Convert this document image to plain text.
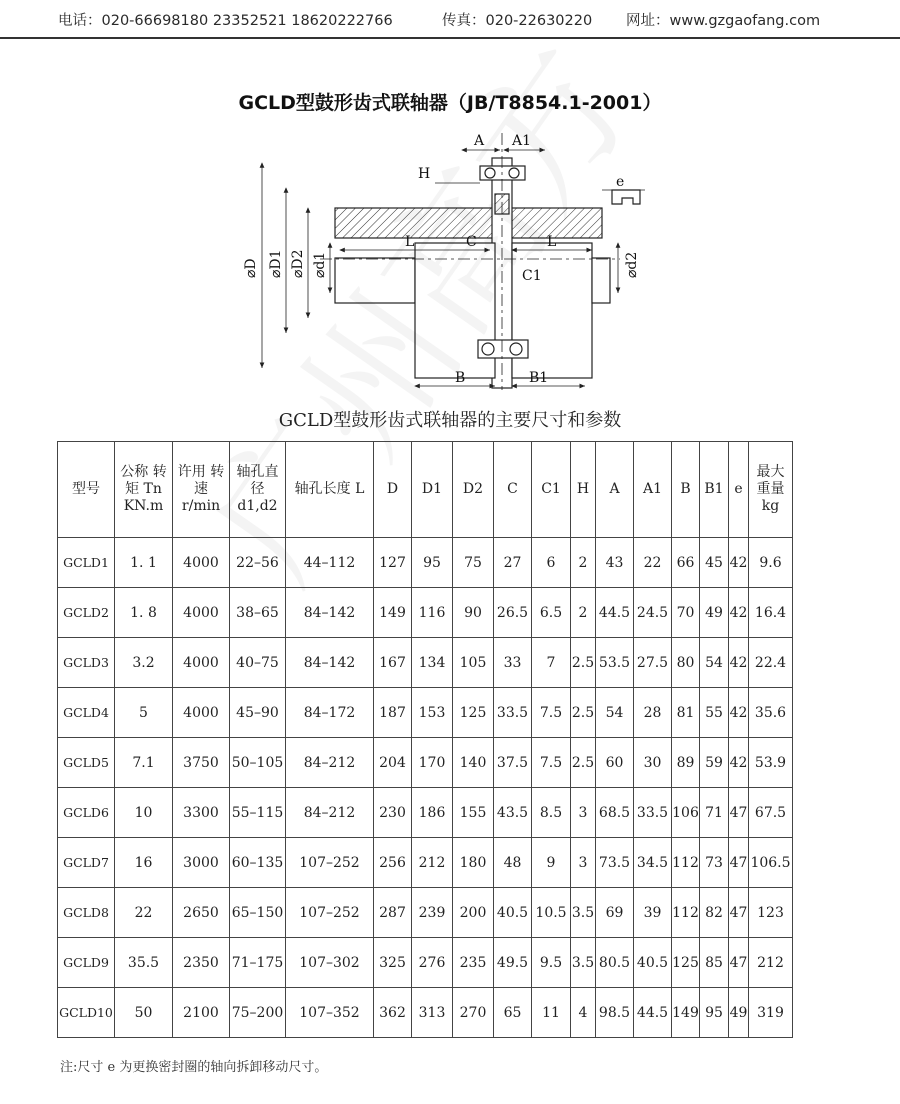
电话：020-66698180 23352521 18620222766	传真：020-22630220 网址：www.gzgaofang.com
GCLD型鼓形齿式联轴器（JB/T8854.1-2001）
A A1
H	e
⌀D ⌀D1 ⌀D2 ⌀d1	⌀d2
L	C	L
C1
B	B1
GCLD型鼓形齿式联轴器的主要尺寸和参数
型号	公称 转矩 Tn KN.m	许用 转速 r/min	轴孔直 径 d1,d2	轴孔长度 L	D	D1	D2	C	C1	H	A	A1	B	B1	e	最大 重量 kg
GCLD1	1. 1	4000	22–56	44–112	127	95	75	27	6	2	43	22	66	45	42	9.6
GCLD2	1. 8	4000	38–65	84–142	149	116	90	26.5	6.5	2	44.5	24.5	70	49	42	16.4
GCLD3	3.2	4000	40–75	84–142	167	134	105	33	7	2.5	53.5	27.5	80	54	42	22.4
GCLD4	5	4000	45–90	84–172	187	153	125	33.5	7.5	2.5	54	28	81	55	42	35.6
GCLD5	7.1	3750	50–105	84–212	204	170	140	37.5	7.5	2.5	60	30	89	59	42	53.9
GCLD6	10	3300	55–115	84–212	230	186	155	43.5	8.5	3	68.5	33.5	106	71	47	67.5
GCLD7	16	3000	60–135	107–252	256	212	180	48	9	3	73.5	34.5	112	73	47	106.5
GCLD8	22	2650	65–150	107–252	287	239	200	40.5	10.5	3.5	69	39	112	82	47	123
GCLD9	35.5	2350	71–175	107–302	325	276	235	49.5	9.5	3.5	80.5	40.5	125	85	47	212
GCLD10	50	2100	75–200	107–352	362	313	270	65	11	4	98.5	44.5	149	95	49	319
注:尺寸 e 为更换密封圈的轴向拆卸移动尺寸。
